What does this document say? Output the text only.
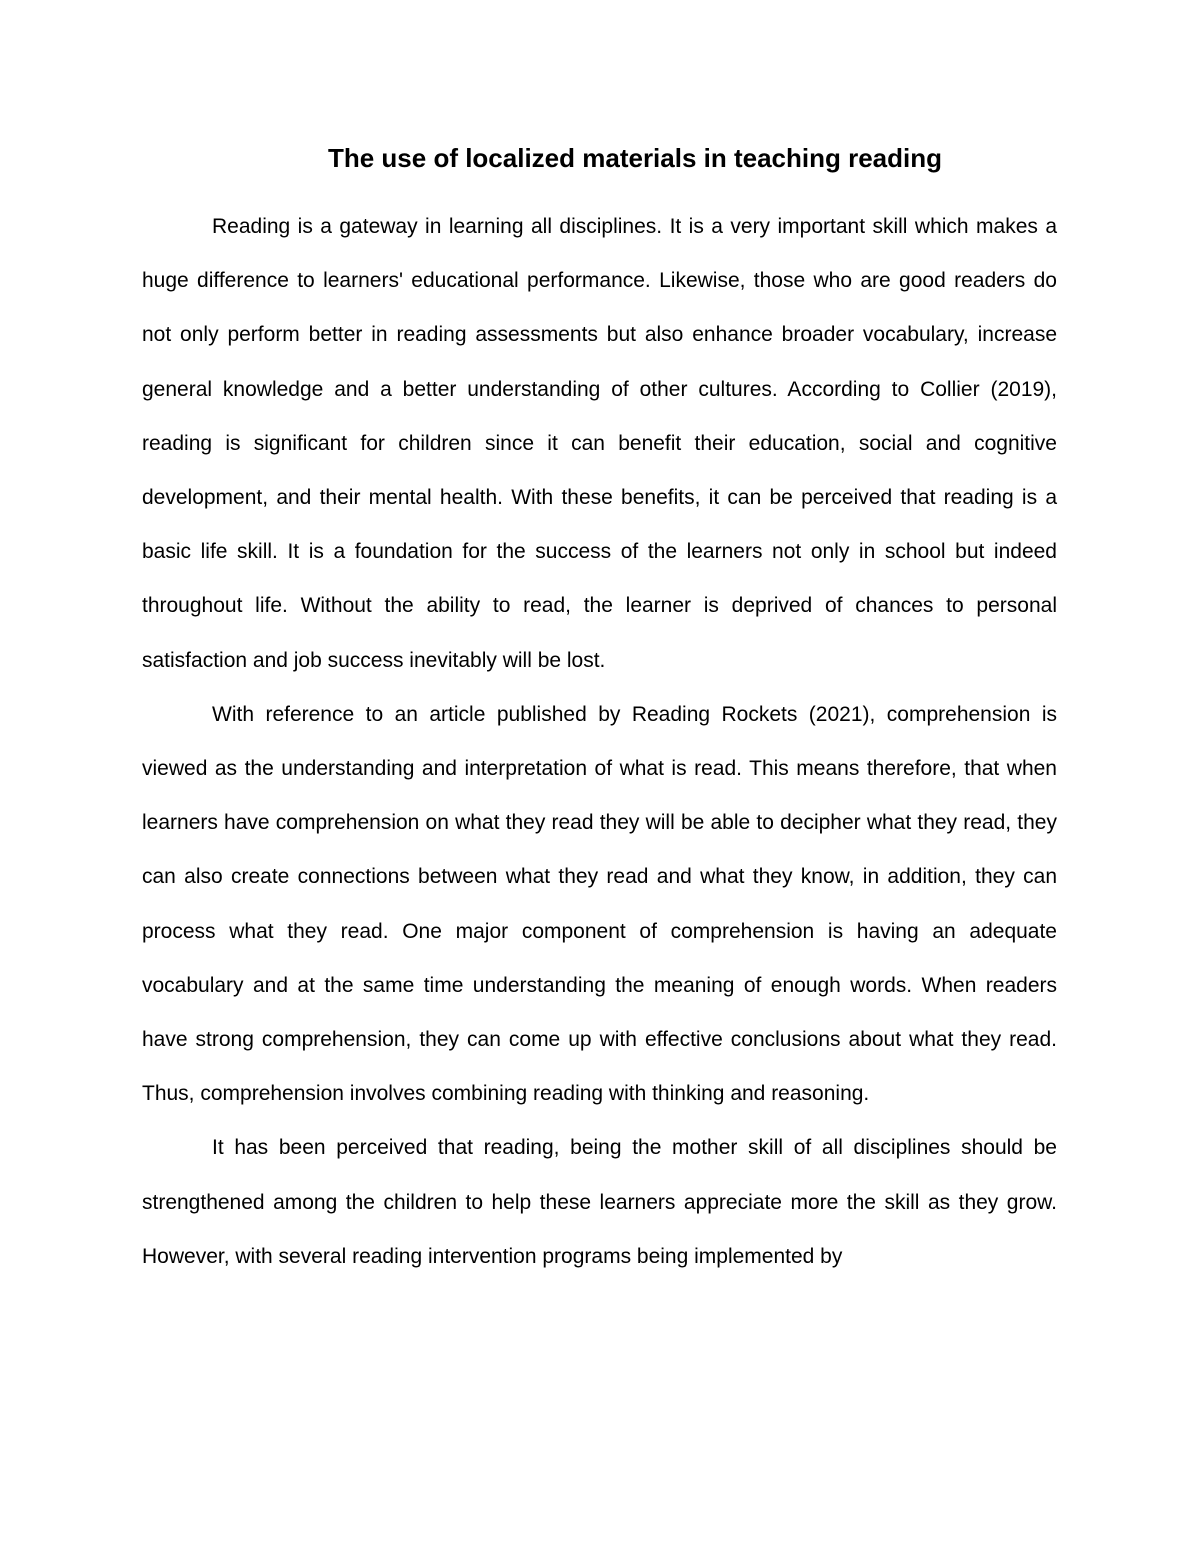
The use of localized materials in teaching reading

Reading is a gateway in learning all disciplines. It is a very important skill which makes a huge difference to learners' educational performance. Likewise, those who are good readers do not only perform better in reading assessments but also enhance broader vocabulary, increase general knowledge and a better understanding of other cultures. According to Collier (2019), reading is significant for children since it can benefit their education, social and cognitive development, and their mental health. With these benefits, it can be perceived that reading is a basic life skill. It is a foundation for the success of the learners not only in school but indeed throughout life. Without the ability to read, the learner is deprived of chances to personal satisfaction and job success inevitably will be lost.

With reference to an article published by Reading Rockets (2021), comprehension is viewed as the understanding and interpretation of what is read. This means therefore, that when learners have comprehension on what they read they will be able to decipher what they read, they can also create connections between what they read and what they know, in addition, they can process what they read. One major component of comprehension is having an adequate vocabulary and at the same time understanding the meaning of enough words. When readers have strong comprehension, they can come up with effective conclusions about what they read. Thus, comprehension involves combining reading with thinking and reasoning.

It has been perceived that reading, being the mother skill of all disciplines should be strengthened among the children to help these learners appreciate more the skill as they grow. However, with several reading intervention programs being implemented by
